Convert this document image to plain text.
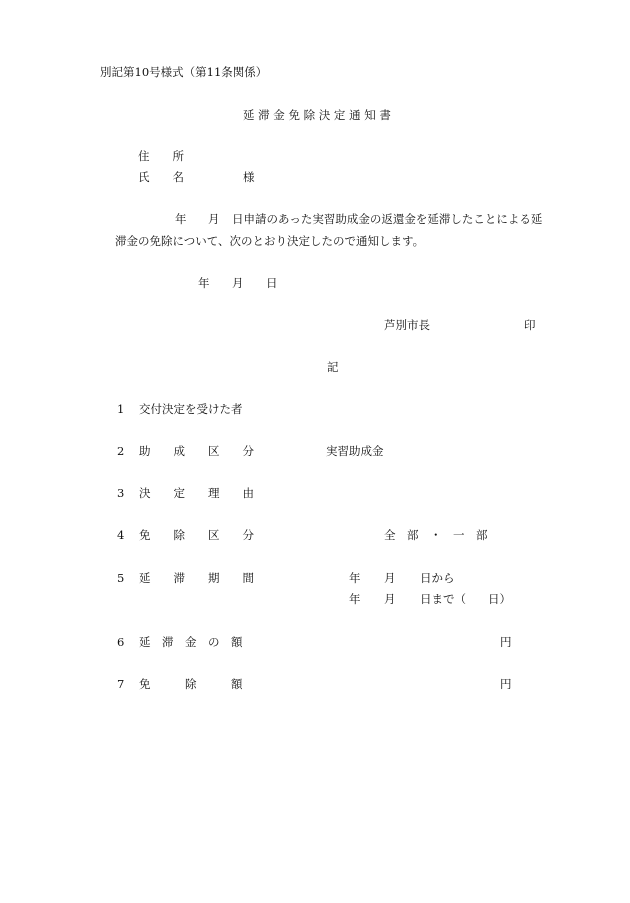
別記第10号様式（第11条関係）
延 滞 金 免 除 決 定 通 知 書
住　　所
氏　　名	様
年 月 日申請のあった実習助成金の返還金を延滞したことによる延
滞金の免除について、次のとおり決定したので通知します。
年 月 日
芦別市長	印
記
1 交付決定を受けた者
2 助　　成　　区　　分	実習助成金
3 決　　定　　理　　由
4 免　　除　　区　　分	全　部　・　一　部
5 延　　滞　　期　　間	年 月 日から
年 月 日まで（ 日）
6 延　滞　金　の　額	円
7 免　　　除　　　額	円
